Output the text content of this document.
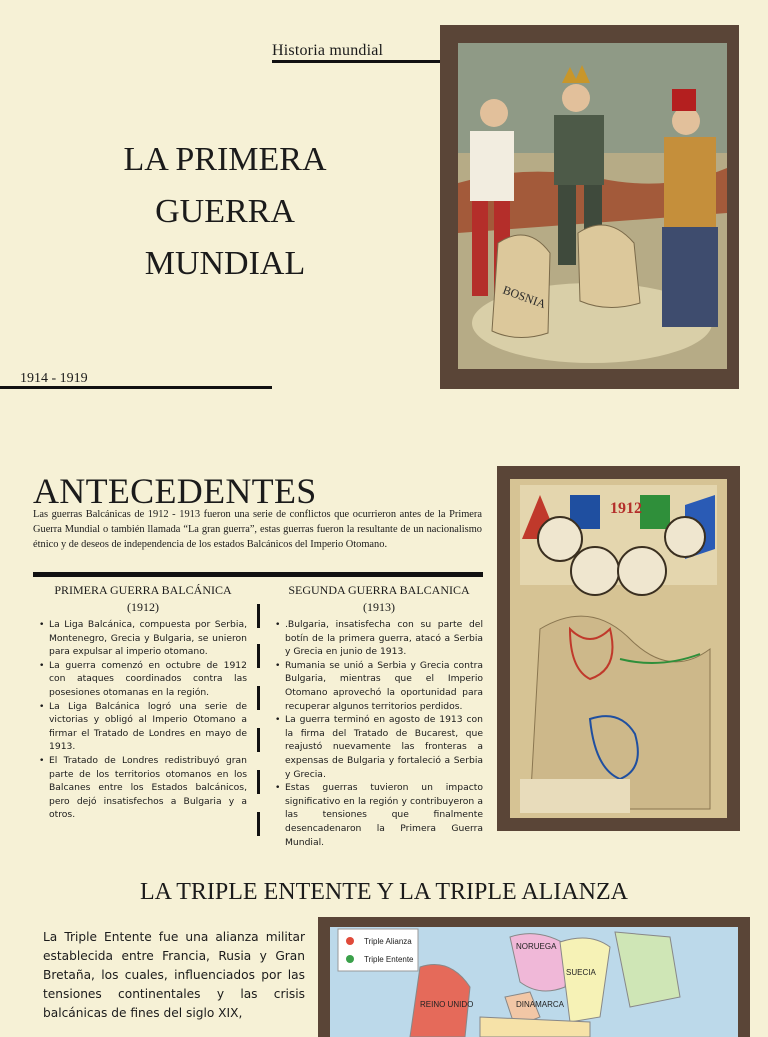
Historia mundial
LA PRIMERA
GUERRA
MUNDIAL
1914 - 1919
BOSNIA
ANTECEDENTES
Las guerras Balcánicas de 1912 - 1913 fueron una serie de conflictos que ocurrieron antes de la Primera Guerra Mundial o también llamada “La gran guerra”, estas guerras fueron la resultante de un nacionalismo étnico y de deseos de independencia de los estados Balcánicos del Imperio Otomano.
PRIMERA GUERRA BALCÁNICA
(1912)
• La Liga Balcánica, compuesta por Serbia, Montenegro, Grecia y Bulgaria, se unieron para expulsar al imperio otomano.
• La guerra comenzó en octubre de 1912 con ataques coordinados contra las posesiones otomanas en la región.
• La Liga Balcánica logró una serie de victorias y obligó al Imperio Otomano a firmar el Tratado de Londres en mayo de 1913.
• El Tratado de Londres redistribuyó gran parte de los territorios otomanos en los Balcanes entre los Estados balcánicos, pero dejó insatisfechos a Bulgaria y a otros.
SEGUNDA GUERRA BALCANICA
(1913)
• .Bulgaria, insatisfecha con su parte del botín de la primera guerra, atacó a Serbia y Grecia en junio de 1913.
• Rumania se unió a Serbia y Grecia contra Bulgaria, mientras que el Imperio Otomano aprovechó la oportunidad para recuperar algunos territorios perdidos.
• La guerra terminó en agosto de 1913 con la firma del Tratado de Bucarest, que reajustó nuevamente las fronteras a expensas de Bulgaria y fortaleció a Serbia y Grecia.
• Estas guerras tuvieron un impacto significativo en la región y contribuyeron a las tensiones que finalmente desencadenaron la Primera Guerra Mundial.
1912
LA TRIPLE ENTENTE Y LA TRIPLE ALIANZA
La Triple Entente fue una alianza militar establecida entre Francia, Rusia y Gran Bretaña, los cuales, influenciados por las tensiones continentales y las crisis balcánicas de fines del siglo XIX,
Triple Alianza
Triple Entente
NORUEGA
SUECIA
REINO UNIDO	DINAMARCA
